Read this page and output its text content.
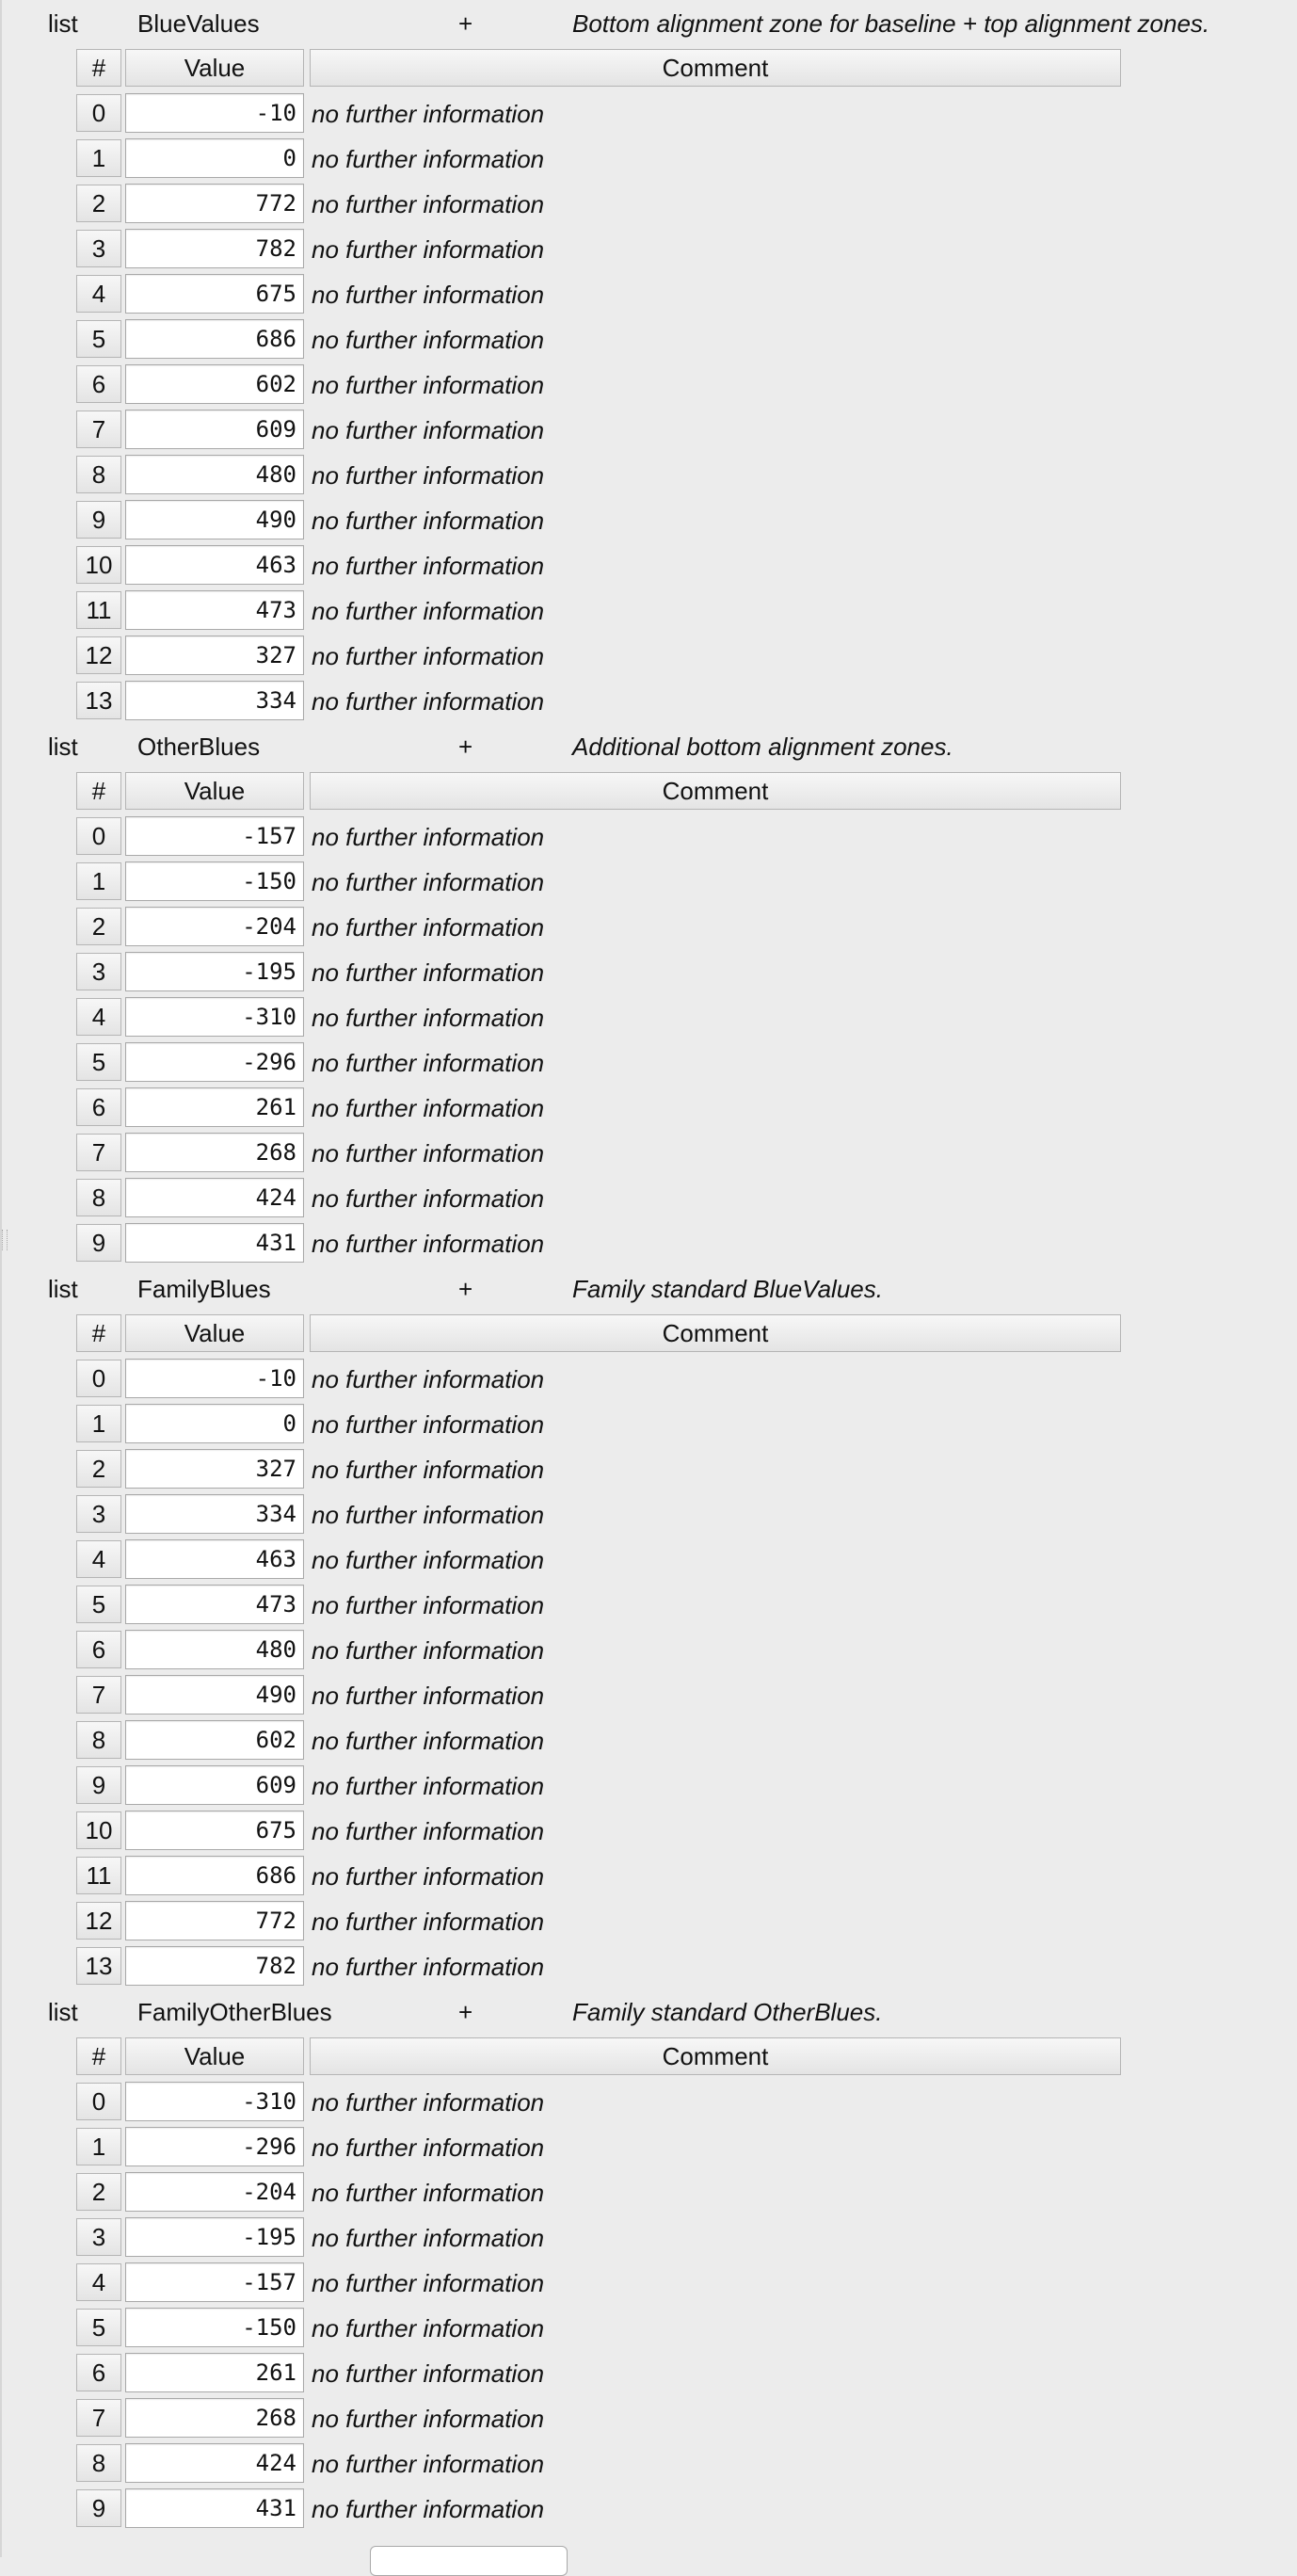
list BlueValues	+	Bottom alignment zone for baseline + top alignment zones.
#	Value	Comment
0	-10 no further information
1	0 no further information
2	772 no further information
3	782 no further information
4	675 no further information
5	686 no further information
6	602 no further information
7	609 no further information
8	480 no further information
9	490 no further information
10	463 no further information
11	473 no further information
12	327 no further information
13	334 no further information
list OtherBlues	+	Additional bottom alignment zones.
#	Value	Comment
0	-157 no further information
1	-150 no further information
2	-204 no further information
3	-195 no further information
4	-310 no further information
5	-296 no further information
6	261 no further information
7	268 no further information
8	424 no further information
9	431 no further information
list FamilyBlues	+	Family standard BlueValues.
#	Value	Comment
0	-10 no further information
1	0 no further information
2	327 no further information
3	334 no further information
4	463 no further information
5	473 no further information
6	480 no further information
7	490 no further information
8	602 no further information
9	609 no further information
10	675 no further information
11	686 no further information
12	772 no further information
13	782 no further information
list FamilyOtherBlues	+	Family standard OtherBlues.
#	Value	Comment
0	-310 no further information
1	-296 no further information
2	-204 no further information
3	-195 no further information
4	-157 no further information
5	-150 no further information
6	261 no further information
7	268 no further information
8	424 no further information
9	431 no further information
